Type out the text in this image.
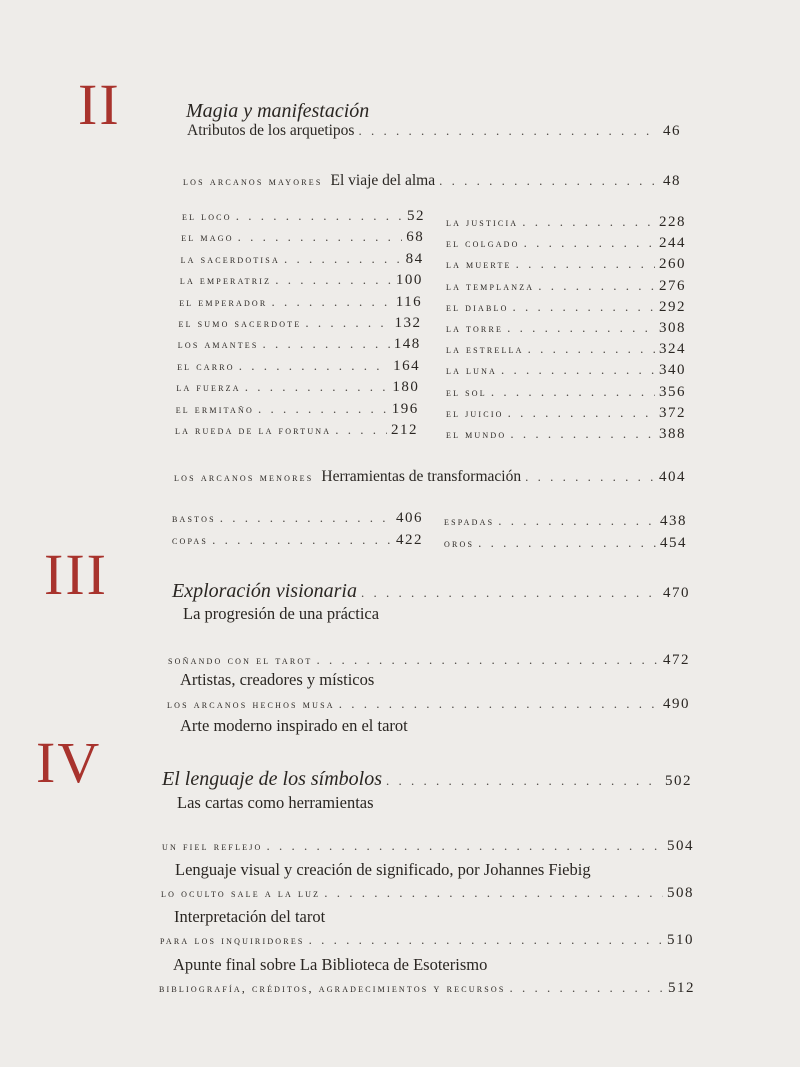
II	Magia y manifestación
Atributos de los arquetipos . . .	46
los arcanos mayores El viaje del alma . . .	48
el loco . . .	52
el mago . . .	68
la sacerdotisa . . .	84
la emperatriz . . .	100
el emperador . . .	116
el sumo sacerdote . . .	132
los amantes . . .	148
el carro . . .	164
la fuerza . . .	180
el ermitaño . . .	196
la rueda de la fortuna . . .	212
la justicia . . .	228
el colgado . . .	244
la muerte . . .	260
la templanza . . .	276
el diablo . . .	292
la torre . . .	308
la estrella . . .	324
la luna . . .	340
el sol . . .	356
el juicio . . .	372
el mundo . . .	388
los arcanos menores Herramientas de transformación . . .	404
bastos . . .	406
copas . . .	422
espadas . . .	438
oros . . .	454
III	Exploración visionaria . . .	470
La progresión de una práctica
soñando con el tarot . . .	472
Artistas, creadores y místicos
los arcanos hechos musa . . .	490
Arte moderno inspirado en el tarot
IV	El lenguaje de los símbolos . . .	502
Las cartas como herramientas
un fiel reflejo . . .	504
Lenguaje visual y creación de significado, por Johannes Fiebig
lo oculto sale a la luz . . .	508
Interpretación del tarot
para los inquiridores . . .	510
Apunte final sobre La Biblioteca de Esoterismo
bibliografía, créditos, agradecimientos y recursos . . .	512
